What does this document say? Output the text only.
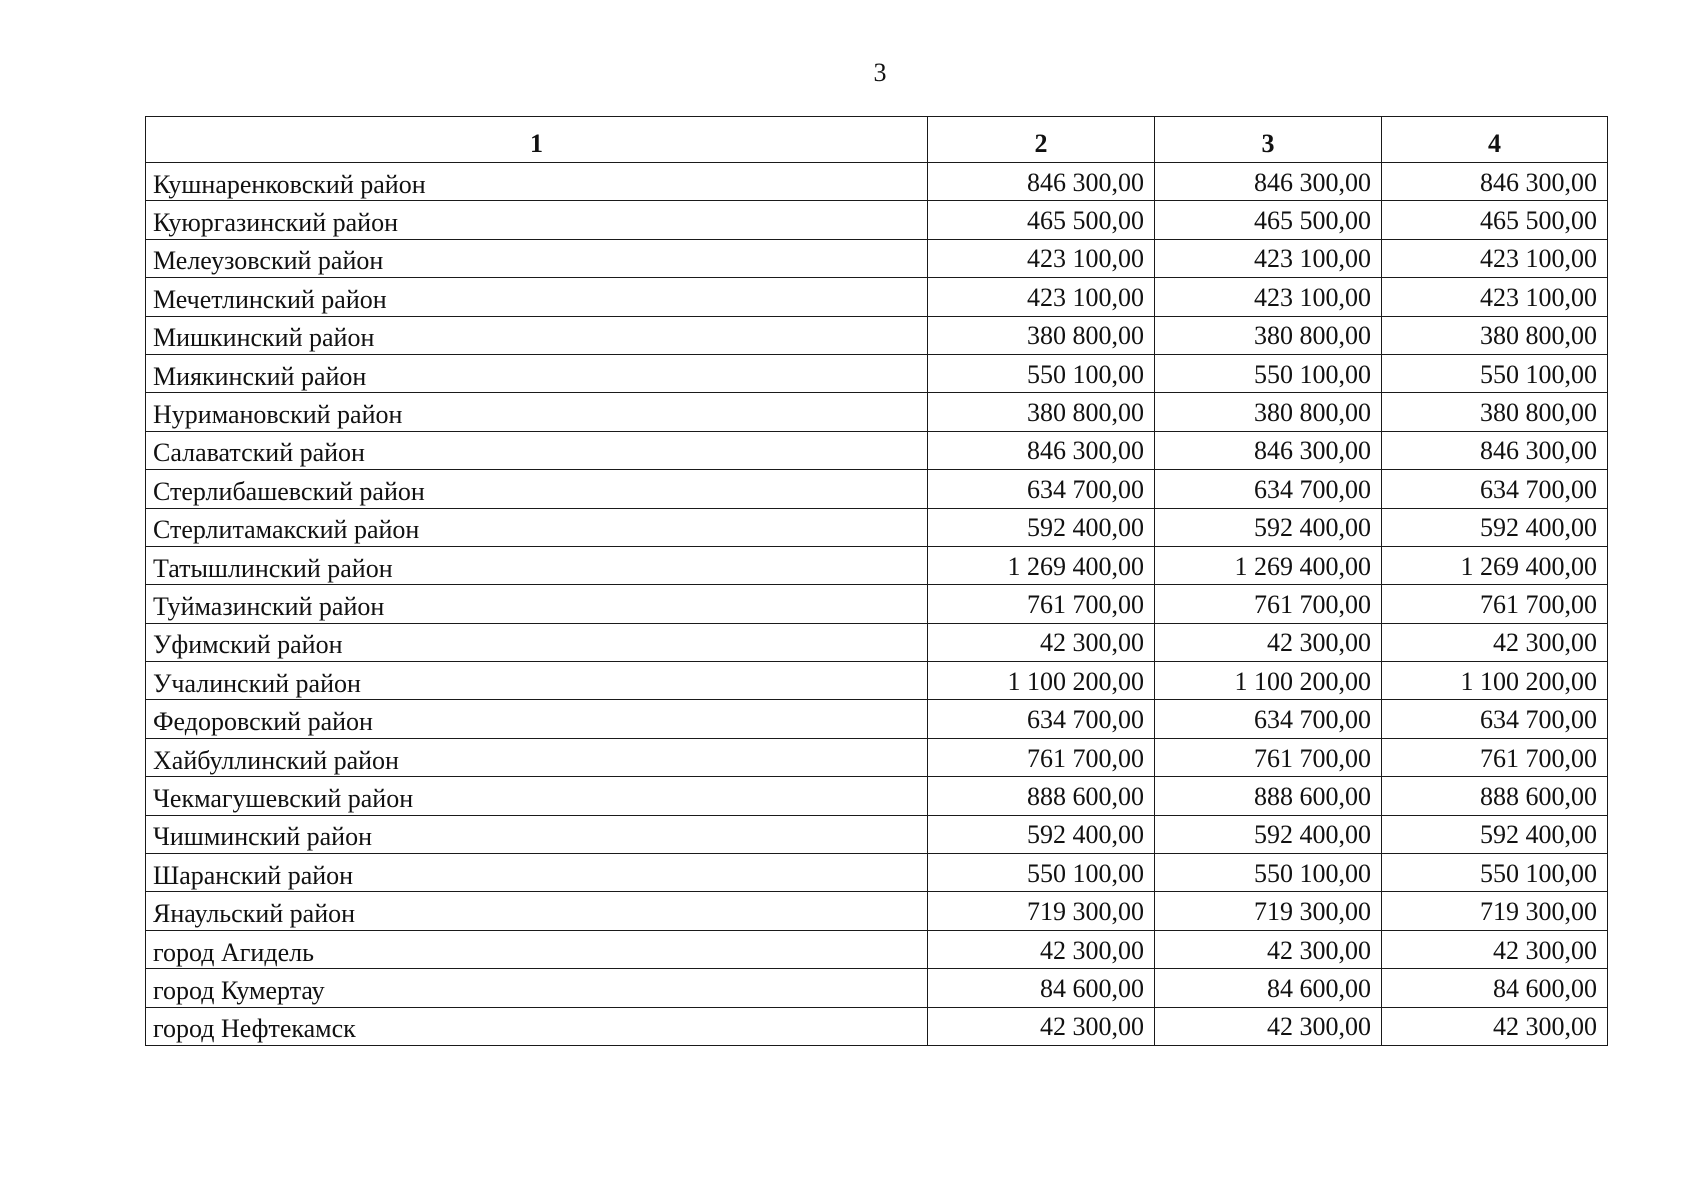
3
1	2	3	4
Кушнаренковский район	846 300,00	846 300,00	846 300,00
Куюргазинский район	465 500,00	465 500,00	465 500,00
Мелеузовский район	423 100,00	423 100,00	423 100,00
Мечетлинский район	423 100,00	423 100,00	423 100,00
Мишкинский район	380 800,00	380 800,00	380 800,00
Миякинский район	550 100,00	550 100,00	550 100,00
Нуримановский район	380 800,00	380 800,00	380 800,00
Салаватский район	846 300,00	846 300,00	846 300,00
Стерлибашевский район	634 700,00	634 700,00	634 700,00
Стерлитамакский район	592 400,00	592 400,00	592 400,00
Татышлинский район	1 269 400,00	1 269 400,00	1 269 400,00
Туймазинский район	761 700,00	761 700,00	761 700,00
Уфимский район	42 300,00	42 300,00	42 300,00
Учалинский район	1 100 200,00	1 100 200,00	1 100 200,00
Федоровский район	634 700,00	634 700,00	634 700,00
Хайбуллинский район	761 700,00	761 700,00	761 700,00
Чекмагушевский район	888 600,00	888 600,00	888 600,00
Чишминский район	592 400,00	592 400,00	592 400,00
Шаранский район	550 100,00	550 100,00	550 100,00
Янаульский район	719 300,00	719 300,00	719 300,00
город Агидель	42 300,00	42 300,00	42 300,00
город Кумертау	84 600,00	84 600,00	84 600,00
город Нефтекамск	42 300,00	42 300,00	42 300,00
